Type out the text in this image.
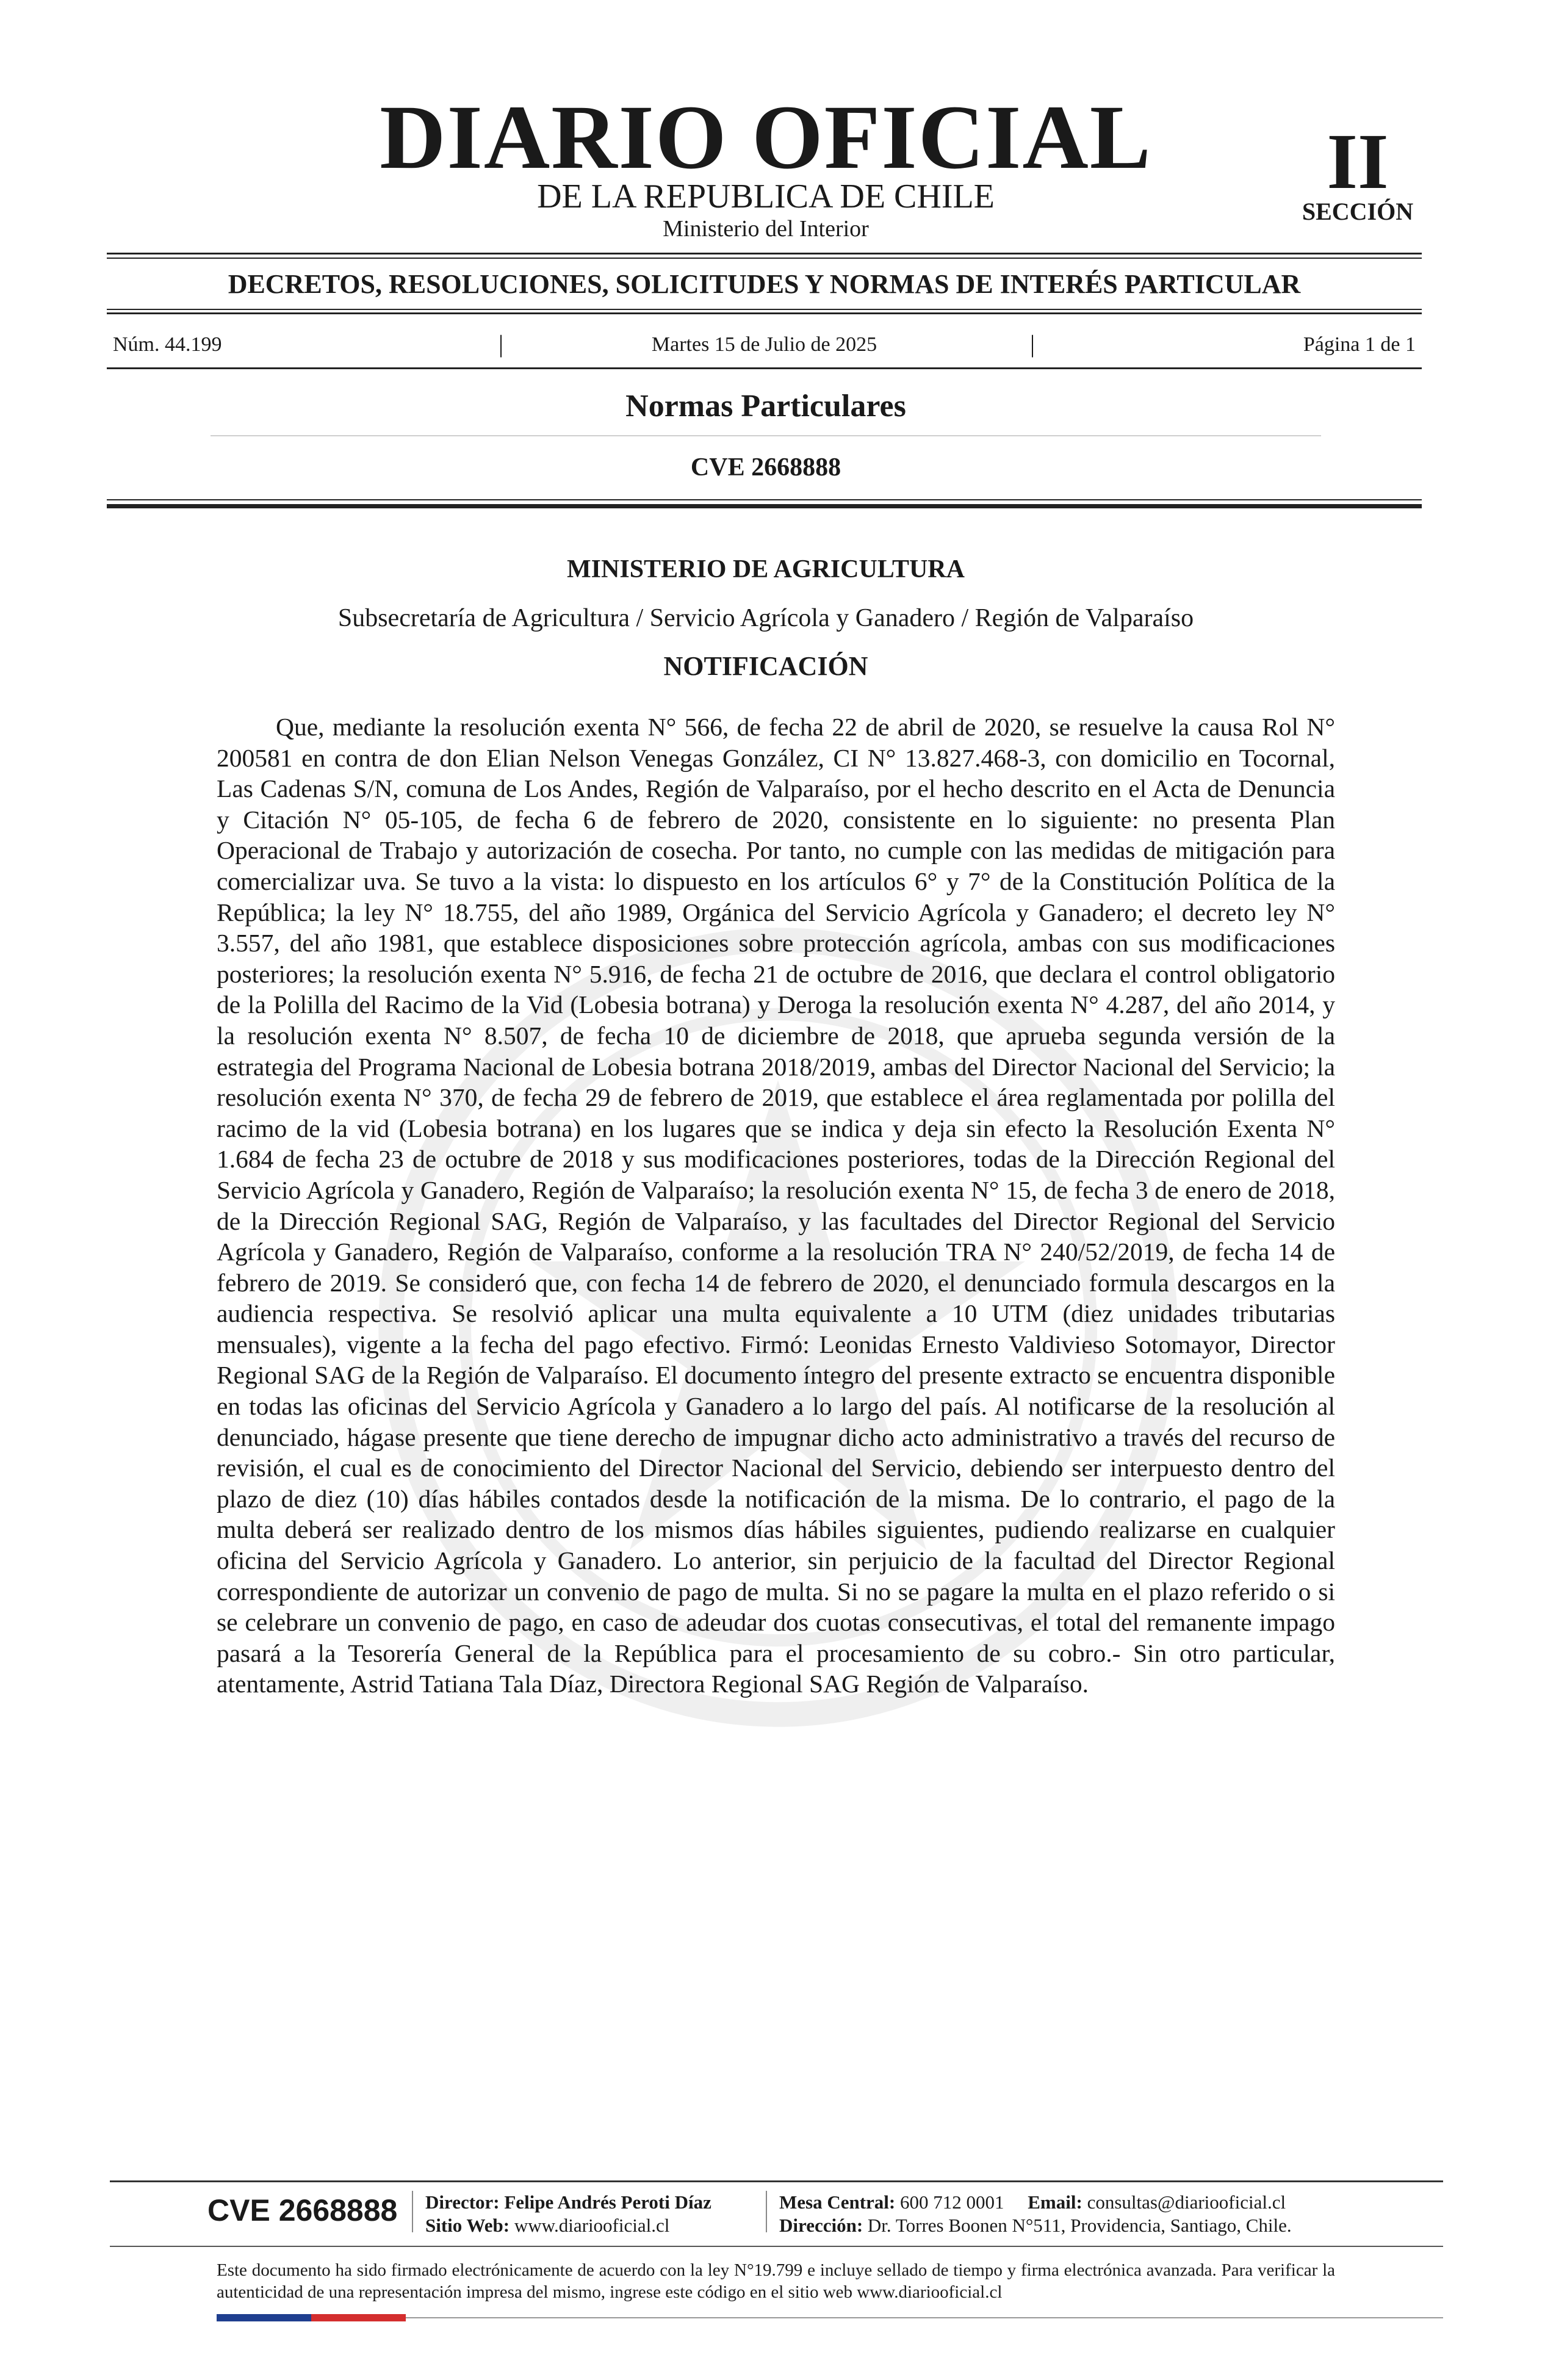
DIARIO OFICIAL
DE LA REPUBLICA DE CHILE
Ministerio del Interior
II
SECCIÓN
DECRETOS, RESOLUCIONES, SOLICITUDES Y NORMAS DE INTERÉS PARTICULAR
Núm. 44.199	|	Martes 15 de Julio de 2025	|	Página 1 de 1
Normas Particulares
CVE 2668888
MINISTERIO DE AGRICULTURA
Subsecretaría de Agricultura / Servicio Agrícola y Ganadero / Región de Valparaíso
NOTIFICACIÓN

Que, mediante la resolución exenta N° 566, de fecha 22 de abril de 2020, se resuelve la causa Rol N° 200581 en contra de don Elian Nelson Venegas González, CI N° 13.827.468-3, con domicilio en Tocornal, Las Cadenas S/N, comuna de Los Andes, Región de Valparaíso, por el hecho descrito en el Acta de Denuncia y Citación N° 05-105, de fecha 6 de febrero de 2020, consistente en lo siguiente: no presenta Plan Operacional de Trabajo y autorización de cosecha. Por tanto, no cumple con las medidas de mitigación para comercializar uva. Se tuvo a la vista: lo dispuesto en los artículos 6° y 7° de la Constitución Política de la República; la ley N° 18.755, del año 1989, Orgánica del Servicio Agrícola y Ganadero; el decreto ley N° 3.557, del año 1981, que establece disposiciones sobre protección agrícola, ambas con sus modificaciones posteriores; la resolución exenta N° 5.916, de fecha 21 de octubre de 2016, que declara el control obligatorio de la Polilla del Racimo de la Vid (Lobesia botrana) y Deroga la resolución exenta N° 4.287, del año 2014, y la resolución exenta N° 8.507, de fecha 10 de diciembre de 2018, que aprueba segunda versión de la estrategia del Programa Nacional de Lobesia botrana 2018/2019, ambas del Director Nacional del Servicio; la resolución exenta N° 370, de fecha 29 de febrero de 2019, que establece el área reglamentada por polilla del racimo de la vid (Lobesia botrana) en los lugares que se indica y deja sin efecto la Resolución Exenta N° 1.684 de fecha 23 de octubre de 2018 y sus modificaciones posteriores, todas de la Dirección Regional del Servicio Agrícola y Ganadero, Región de Valparaíso; la resolución exenta N° 15, de fecha 3 de enero de 2018, de la Dirección Regional SAG, Región de Valparaíso, y las facultades del Director Regional del Servicio Agrícola y Ganadero, Región de Valparaíso, conforme a la resolución TRA N° 240/52/2019, de fecha 14 de febrero de 2019. Se consideró que, con fecha 14 de febrero de 2020, el denunciado formula descargos en la audiencia respectiva. Se resolvió aplicar una multa equivalente a 10 UTM (diez unidades tributarias mensuales), vigente a la fecha del pago efectivo. Firmó: Leonidas Ernesto Valdivieso Sotomayor, Director Regional SAG de la Región de Valparaíso. El documento íntegro del presente extracto se encuentra disponible en todas las oficinas del Servicio Agrícola y Ganadero a lo largo del país. Al notificarse de la resolución al denunciado, hágase presente que tiene derecho de impugnar dicho acto administrativo a través del recurso de revisión, el cual es de conocimiento del Director Nacional del Servicio, debiendo ser interpuesto dentro del plazo de diez (10) días hábiles contados desde la notificación de la misma. De lo contrario, el pago de la multa deberá ser realizado dentro de los mismos días hábiles siguientes, pudiendo realizarse en cualquier oficina del Servicio Agrícola y Ganadero. Lo anterior, sin perjuicio de la facultad del Director Regional correspondiente de autorizar un convenio de pago de multa. Si no se pagare la multa en el plazo referido o si se celebrare un convenio de pago, en caso de adeudar dos cuotas consecutivas, el total del remanente impago pasará a la Tesorería General de la República para el procesamiento de su cobro.- Sin otro particular, atentamente, Astrid Tatiana Tala Díaz, Directora Regional SAG Región de Valparaíso.

CVE 2668888 Director: Felipe Andrés Peroti Díaz
Sitio Web: www.diariooficial.cl
Mesa Central: 600 712 0001 Email: consultas@diariooficial.cl
Dirección: Dr. Torres Boonen N°511, Providencia, Santiago, Chile.
Este documento ha sido firmado electrónicamente de acuerdo con la ley N°19.799 e incluye sellado de tiempo y firma electrónica avanzada. Para verificar la autenticidad de una representación impresa del mismo, ingrese este código en el sitio web www.diariooficial.cl
